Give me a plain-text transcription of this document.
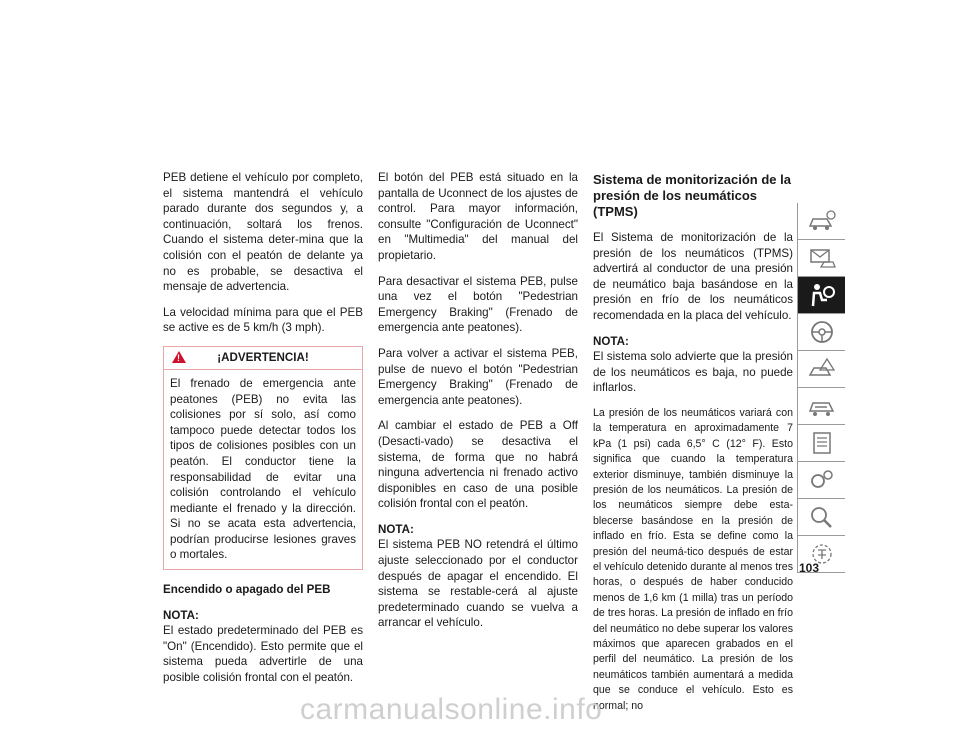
PEB detiene el vehículo por completo, el sistema mantendrá el vehículo parado durante dos segundos y, a continuación, soltará los frenos. Cuando el sistema deter-mina que la colisión con el peatón de delante ya no es probable, se desactiva el mensaje de advertencia.

La velocidad mínima para que el PEB se active es de 5 km/h (3 mph).

!	¡ADVERTENCIA!
El frenado de emergencia ante peatones (PEB) no evita las colisiones por sí solo, así como tampoco puede detectar todos los tipos de colisiones posibles con un peatón. El conductor tiene la responsabilidad de evitar una colisión controlando el vehículo mediante el frenado y la dirección. Si no se acata esta advertencia, podrían producirse lesiones graves o mortales.
Encendido o apagado del PEB
NOTA:

El estado predeterminado del PEB es "On" (Encendido). Esto permite que el sistema pueda advertirle de una posible colisión frontal con el peatón.

El botón del PEB está situado en la pantalla de Uconnect de los ajustes de control. Para mayor información, consulte "Configuración de Uconnect" en "Multimedia" del manual del propietario.

Para desactivar el sistema PEB, pulse una vez el botón "Pedestrian Emergency Braking" (Frenado de emergencia ante peatones).

Para volver a activar el sistema PEB, pulse de nuevo el botón "Pedestrian Emergency Braking" (Frenado de emergencia ante peatones).

Al cambiar el estado de PEB a Off (Desacti-vado) se desactiva el sistema, de forma que no habrá ninguna advertencia ni frenado activo disponibles en caso de una posible colisión frontal con el peatón.

NOTA:

El sistema PEB NO retendrá el último ajuste seleccionado por el conductor después de apagar el encendido. El sistema se restable-cerá al ajuste predeterminado cuando se vuelva a arrancar el vehículo.

Sistema de monitorización de la presión de los neumáticos (TPMS)

El Sistema de monitorización de la presión de los neumáticos (TPMS) advertirá al conductor de una presión de neumático baja basándose en la presión en frío de los neumáticos recomendada en la placa del vehículo.

NOTA:

El sistema solo advierte que la presión de los neumáticos es baja, no puede inflarlos.

La presión de los neumáticos variará con la temperatura en aproximadamente 7 kPa (1 psi) cada 6,5° C (12° F). Esto significa que cuando la temperatura exterior disminuye, también disminuye la presión de los neumáticos. La presión de los neumáticos siempre debe esta-blecerse basándose en la presión de inflado en frío. Esta se define como la presión del neumá-tico después de estar el vehículo detenido durante al menos tres horas, o después de haber conducido menos de 1,6 km (1 milla) tras un período de tres horas. La presión de inflado en frío del neumático no debe superar los valores máximos que aparecen grabados en el perfil del neumático. La presión de los neumáticos también aumentará a medida que se conduce el vehículo. Esto es normal; no

103
carmanualsonline.info
